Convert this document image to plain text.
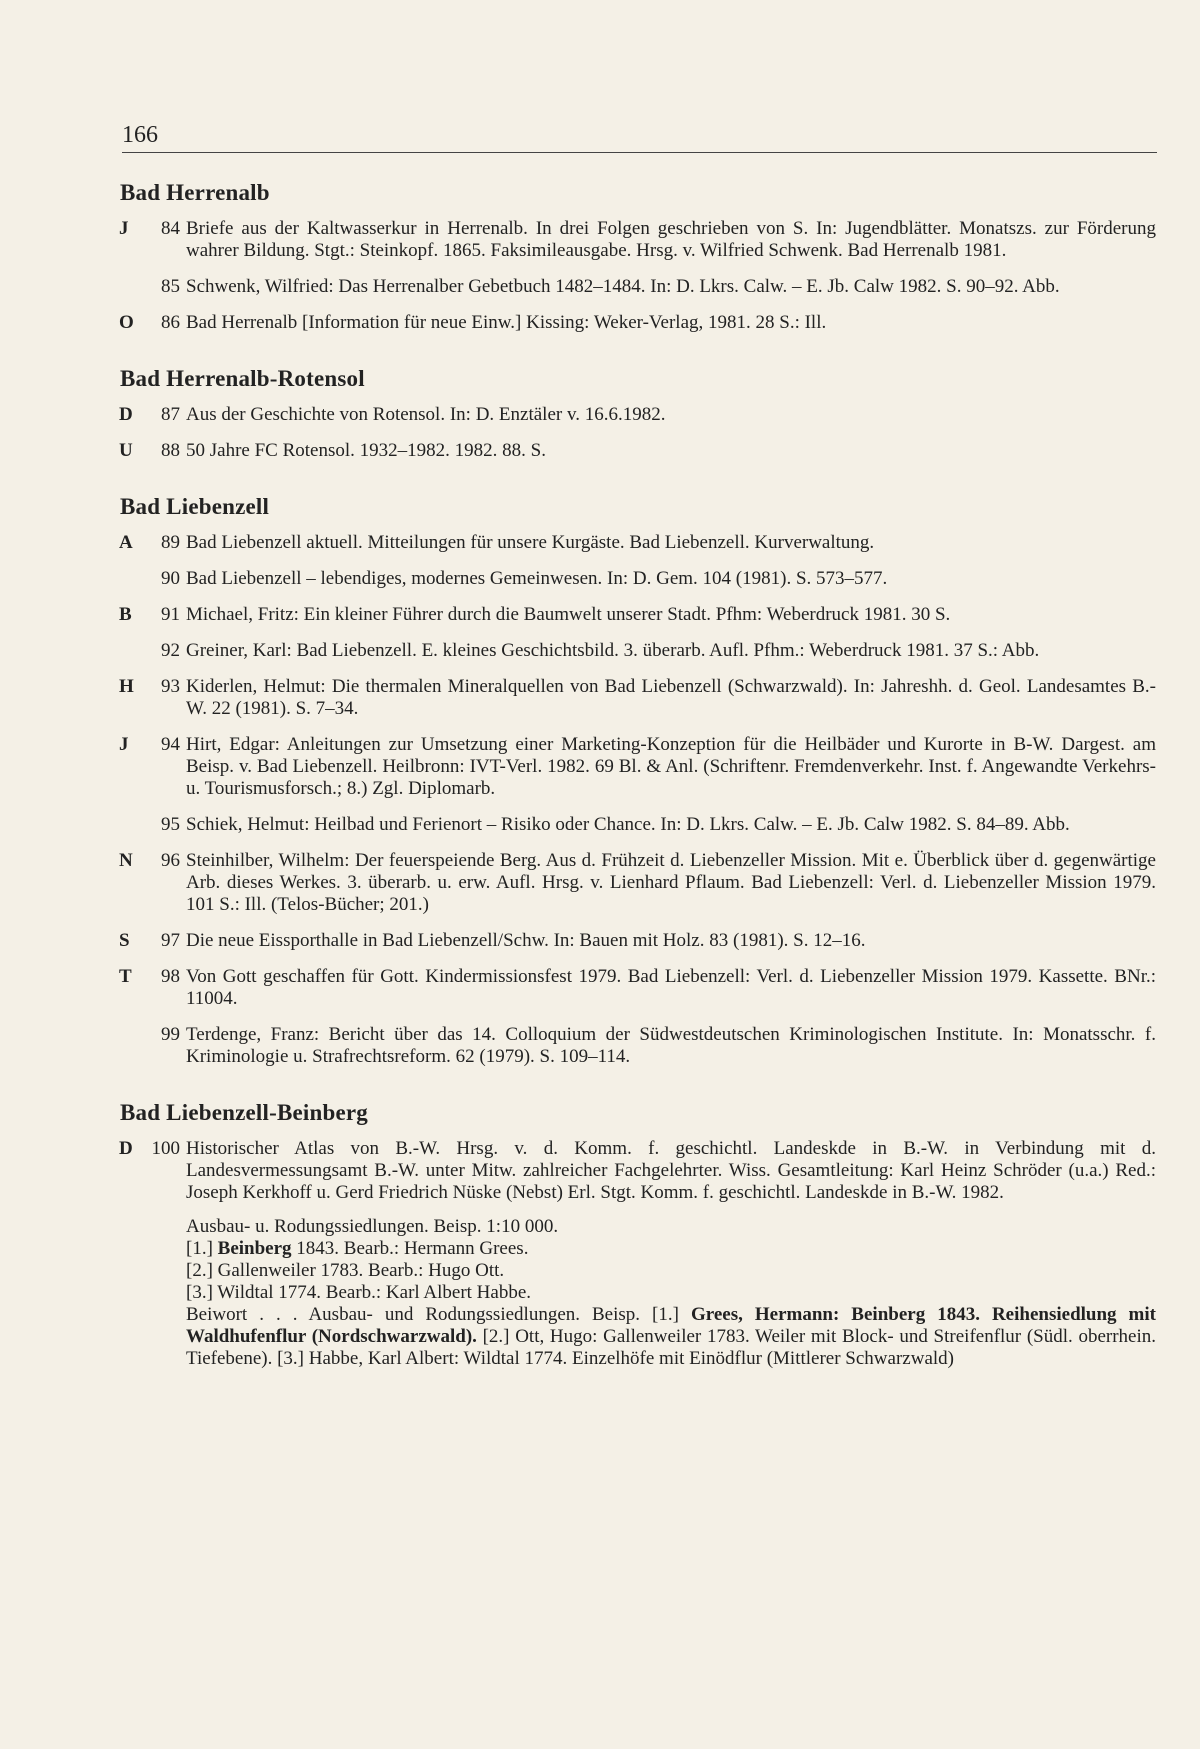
166
Bad Herrenalb
J	84 Briefe aus der Kaltwasserkur in Herrenalb. In drei Folgen geschrieben von S. In: Jugendblätter. Monatszs. zur Förderung wahrer Bildung. Stgt.: Steinkopf. 1865. Faksimileausgabe. Hrsg. v. Wilfried Schwenk. Bad Herrenalb 1981.
85 Schwenk, Wilfried: Das Herrenalber Gebetbuch 1482–1484. In: D. Lkrs. Calw. – E. Jb. Calw 1982. S. 90–92. Abb.
O	86 Bad Herrenalb [Information für neue Einw.] Kissing: Weker-Verlag, 1981. 28 S.: Ill.
Bad Herrenalb-Rotensol
D	87 Aus der Geschichte von Rotensol. In: D. Enztäler v. 16.6.1982.
U	88 50 Jahre FC Rotensol. 1932–1982. 1982. 88. S.
Bad Liebenzell
A	89 Bad Liebenzell aktuell. Mitteilungen für unsere Kurgäste. Bad Liebenzell. Kurverwaltung.
90 Bad Liebenzell – lebendiges, modernes Gemeinwesen. In: D. Gem. 104 (1981). S. 573–577.
B	91 Michael, Fritz: Ein kleiner Führer durch die Baumwelt unserer Stadt. Pfhm: Weberdruck 1981. 30 S.
92 Greiner, Karl: Bad Liebenzell. E. kleines Geschichtsbild. 3. überarb. Aufl. Pfhm.: Weberdruck 1981. 37 S.: Abb.
H	93 Kiderlen, Helmut: Die thermalen Mineralquellen von Bad Liebenzell (Schwarzwald). In: Jahreshh. d. Geol. Landesamtes B.-W. 22 (1981). S. 7–34.
J	94 Hirt, Edgar: Anleitungen zur Umsetzung einer Marketing-Konzeption für die Heilbäder und Kurorte in B-W. Dargest. am Beisp. v. Bad Liebenzell. Heilbronn: IVT-Verl. 1982. 69 Bl. & Anl. (Schriftenr. Fremdenverkehr. Inst. f. Angewandte Verkehrs- u. Tourismusforsch.; 8.) Zgl. Diplomarb.
95 Schiek, Helmut: Heilbad und Ferienort – Risiko oder Chance. In: D. Lkrs. Calw. – E. Jb. Calw 1982. S. 84–89. Abb.
N	96 Steinhilber, Wilhelm: Der feuerspeiende Berg. Aus d. Frühzeit d. Liebenzeller Mission. Mit e. Überblick über d. gegenwärtige Arb. dieses Werkes. 3. überarb. u. erw. Aufl. Hrsg. v. Lienhard Pflaum. Bad Liebenzell: Verl. d. Liebenzeller Mission 1979. 101 S.: Ill. (Telos-Bücher; 201.)
S	97 Die neue Eissporthalle in Bad Liebenzell/Schw. In: Bauen mit Holz. 83 (1981). S. 12–16.
T	98 Von Gott geschaffen für Gott. Kindermissionsfest 1979. Bad Liebenzell: Verl. d. Liebenzeller Mission 1979. Kassette. BNr.: 11004.
99 Terdenge, Franz: Bericht über das 14. Colloquium der Südwestdeutschen Kriminologischen Institute. In: Monatsschr. f. Kriminologie u. Strafrechtsreform. 62 (1979). S. 109–114.
Bad Liebenzell-Beinberg
D 100 Historischer Atlas von B.-W. Hrsg. v. d. Komm. f. geschichtl. Landeskde in B.-W. in Verbindung mit d. Landesvermessungsamt B.-W. unter Mitw. zahlreicher Fachgelehrter. Wiss. Gesamtleitung: Karl Heinz Schröder (u.a.) Red.: Joseph Kerkhoff u. Gerd Friedrich Nüske (Nebst) Erl. Stgt. Komm. f. geschichtl. Landeskde in B.-W. 1982.
Ausbau- u. Rodungssiedlungen. Beisp. 1:10 000.
[1.] Beinberg 1843. Bearb.: Hermann Grees.
[2.] Gallenweiler 1783. Bearb.: Hugo Ott.
[3.] Wildtal 1774. Bearb.: Karl Albert Habbe.
Beiwort . . . Ausbau- und Rodungssiedlungen. Beisp. [1.] Grees, Hermann: Beinberg 1843. Reihensiedlung mit Waldhufenflur (Nordschwarzwald). [2.] Ott, Hugo: Gallenweiler 1783. Weiler mit Block- und Streifenflur (Südl. oberrhein. Tiefebene). [3.] Habbe, Karl Albert: Wildtal 1774. Einzelhöfe mit Einödflur (Mittlerer Schwarzwald)
